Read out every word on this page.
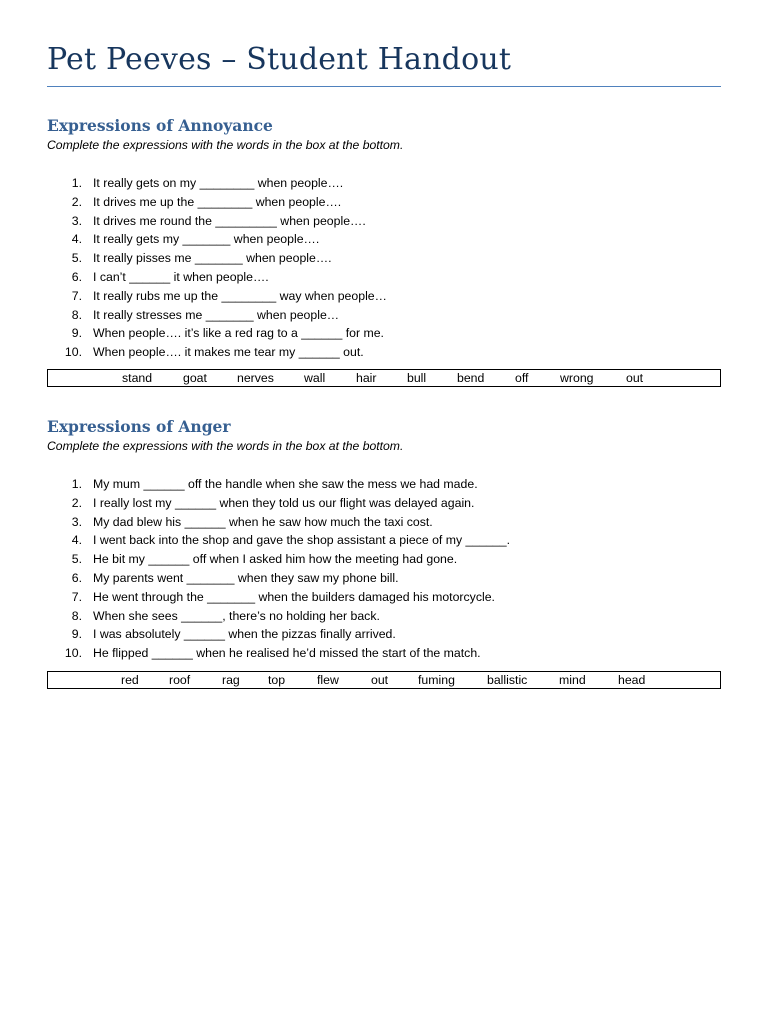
Pet Peeves – Student Handout
Expressions of Annoyance

Complete the expressions with the words in the box at the bottom.

1. It really gets on my ________ when people….
2. It drives me up the ________ when people….
3. It drives me round the _________ when people….
4. It really gets my _______ when people….
5. It really pisses me _______ when people….
6. I can’t ______ it when people….
7. It really rubs me up the ________ way when people…
8. It really stresses me _______ when people…
9. When people…. it’s like a red rag to a ______ for me.
10. When people…. it makes me tear my ______ out.
stand	goat nerves wall	hair bull	bend off	wrong	out
Expressions of Anger

Complete the expressions with the words in the box at the bottom.

1. My mum ______ off the handle when she saw the mess we had made.
2. I really lost my ______ when they told us our flight was delayed again.
3. My dad blew his ______ when he saw how much the taxi cost.
4. I went back into the shop and gave the shop assistant a piece of my ______.
5. He bit my ______ off when I asked him how the meeting had gone.
6. My parents went _______ when they saw my phone bill.
7. He went through the _______ when the builders damaged his motorcycle.
8. When she sees ______, there’s no holding her back.
9. I was absolutely ______ when the pizzas finally arrived.
10. He flipped ______ when he realised he’d missed the start of the match.
red roof	rag top	flew	out fuming	ballistic	mind	head
